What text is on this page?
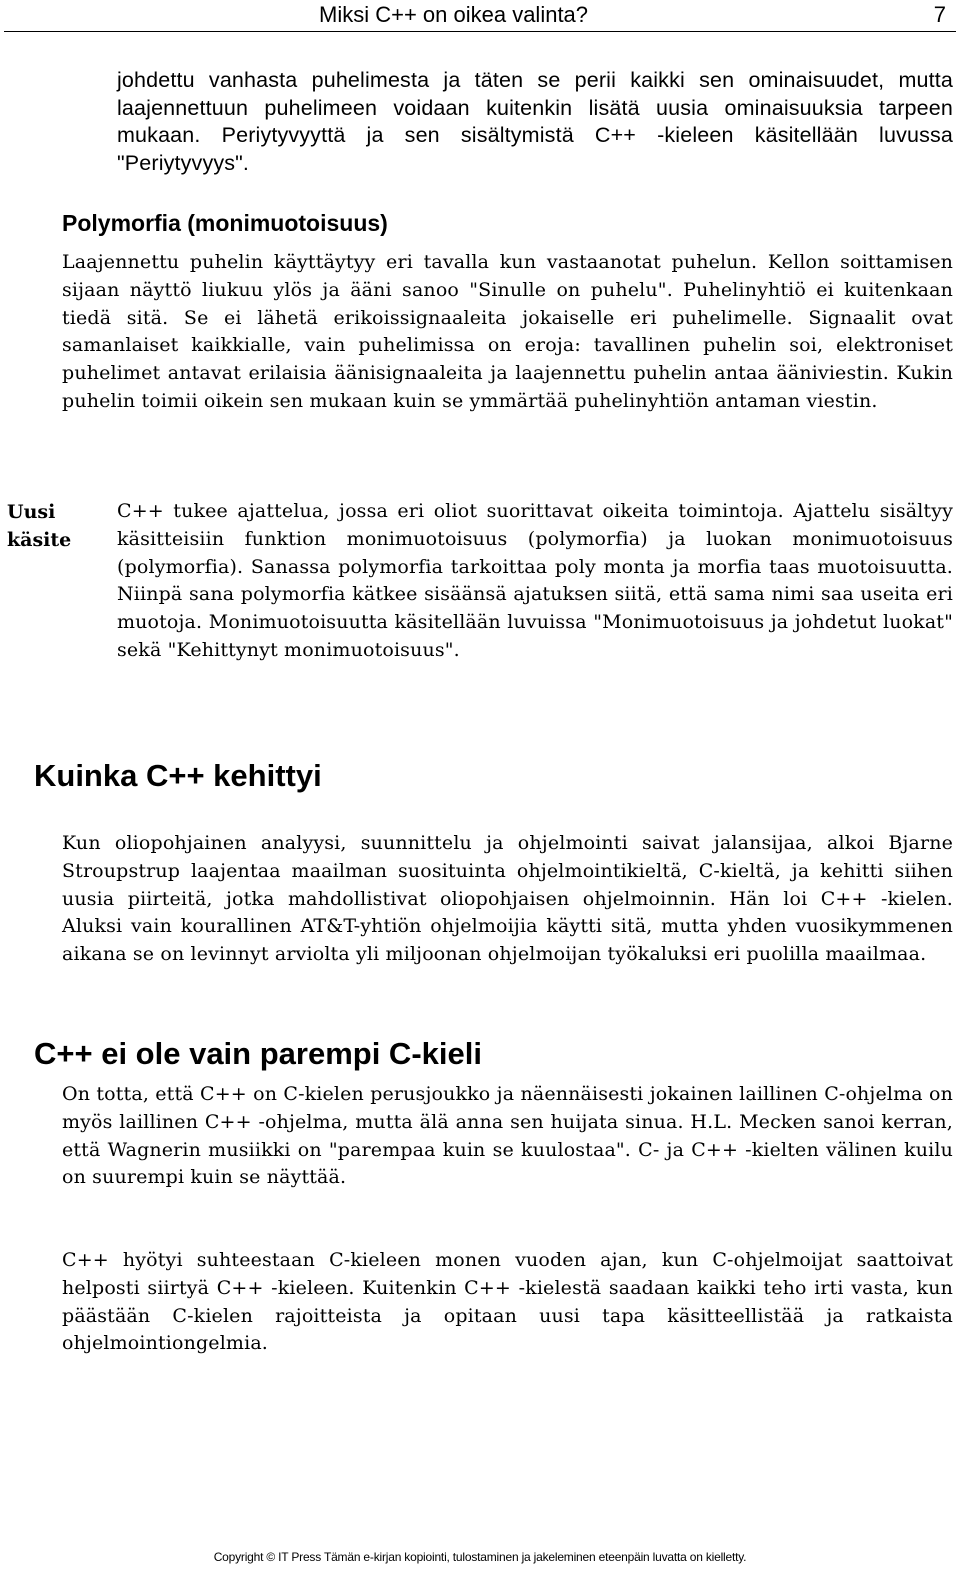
Miksi C++ on oikea valinta?	7

johdettu vanhasta puhelimesta ja täten se perii kaikki sen ominaisuudet, mutta laajennettuun puhelimeen voidaan kuitenkin lisätä uusia ominaisuuksia tarpeen mukaan. Periytyvyyttä ja sen sisältymistä C++ -kieleen käsitellään luvussa "Periytyvyys".

Polymorfia (monimuotoisuus)

Laajennettu puhelin käyttäytyy eri tavalla kun vastaanotat puhelun. Kellon soittamisen sijaan näyttö liukuu ylös ja ääni sanoo "Sinulle on puhelu". Puhelinyhtiö ei kuitenkaan tiedä sitä. Se ei lähetä erikoissignaaleita jokaiselle eri puhelimelle. Signaalit ovat samanlaiset kaikkialle, vain puhelimissa on eroja: tavallinen puhelin soi, elektroniset puhelimet antavat erilaisia äänisignaaleita ja laajennettu puhelin antaa ääniviestin. Kukin puhelin toimii oikein sen mukaan kuin se ymmärtää puhelinyhtiön antaman viestin.

Uusi
käsite

C++ tukee ajattelua, jossa eri oliot suorittavat oikeita toimintoja. Ajattelu sisältyy käsitteisiin funktion monimuotoisuus (polymorfia) ja luokan monimuotoisuus (polymorfia). Sanassa polymorfia tarkoittaa poly monta ja morfia taas muotoisuutta. Niinpä sana polymorfia kätkee sisäänsä ajatuksen siitä, että sama nimi saa useita eri muotoja. Monimuotoisuutta käsitellään luvuissa "Monimuotoisuus ja johdetut luokat" sekä "Kehittynyt monimuotoisuus".

Kuinka C++ kehittyi

Kun oliopohjainen analyysi, suunnittelu ja ohjelmointi saivat jalansijaa, alkoi Bjarne Stroupstrup laajentaa maailman suosituinta ohjelmointikieltä, C-kieltä, ja kehitti siihen uusia piirteitä, jotka mahdollistivat oliopohjaisen ohjelmoinnin. Hän loi C++ -kielen. Aluksi vain kourallinen AT&T-yhtiön ohjelmoijia käytti sitä, mutta yhden vuosikymmenen aikana se on levinnyt arviolta yli miljoonan ohjelmoijan työkaluksi eri puolilla maailmaa.

C++ ei ole vain parempi C-kieli

On totta, että C++ on C-kielen perusjoukko ja näennäisesti jokainen laillinen C-ohjelma on myös laillinen C++ -ohjelma, mutta älä anna sen huijata sinua. H.L. Mecken sanoi kerran, että Wagnerin musiikki on "parempaa kuin se kuulostaa". C- ja C++ -kielten välinen kuilu on suurempi kuin se näyttää.

C++ hyötyi suhteestaan C-kieleen monen vuoden ajan, kun C-ohjelmoijat saattoivat helposti siirtyä C++ -kieleen. Kuitenkin C++ -kielestä saadaan kaikki teho irti vasta, kun päästään C-kielen rajoitteista ja opitaan uusi tapa käsitteellistää ja ratkaista ohjelmointiongelmia.

Copyright © IT Press Tämän e-kirjan kopiointi, tulostaminen ja jakeleminen eteenpäin luvatta on kielletty.
